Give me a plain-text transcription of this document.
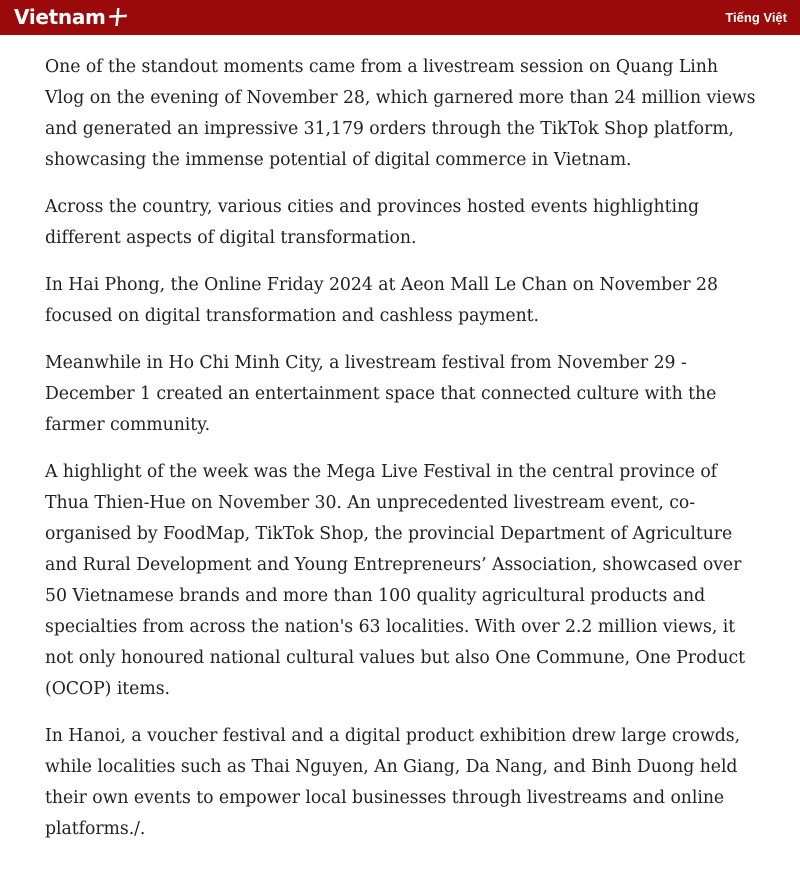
Vietnam	Tiếng Việt

One of the standout moments came from a livestream session on Quang Linh Vlog on the evening of November 28, which garnered more than 24 million views and generated an impressive 31,179 orders through the TikTok Shop platform, showcasing the immense potential of digital commerce in Vietnam.

Across the country, various cities and provinces hosted events highlighting different aspects of digital transformation.

In Hai Phong, the Online Friday 2024 at Aeon Mall Le Chan on November 28 focused on digital transformation and cashless payment.

Meanwhile in Ho Chi Minh City, a livestream festival from November 29 - December 1 created an entertainment space that connected culture with the farmer community.

A highlight of the week was the Mega Live Festival in the central province of Thua Thien-Hue on November 30. An unprecedented livestream event, co-organised by FoodMap, TikTok Shop, the provincial Department of Agriculture and Rural Development and Young Entrepreneurs’ Association, showcased over 50 Vietnamese brands and more than 100 quality agricultural products and specialties from across the nation's 63 localities. With over 2.2 million views, it not only honoured national cultural values but also One Commune, One Product (OCOP) items.

In Hanoi, a voucher festival and a digital product exhibition drew large crowds, while localities such as Thai Nguyen, An Giang, Da Nang, and Binh Duong held their own events to empower local businesses through livestreams and online platforms./.
